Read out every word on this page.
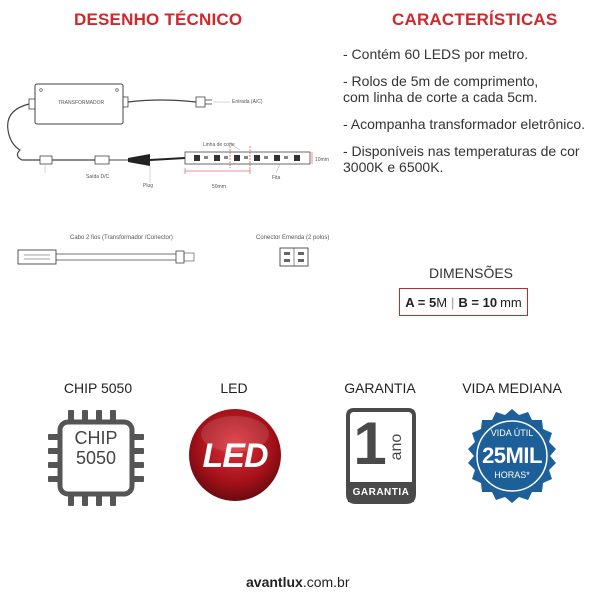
DESENHO TÉCNICO	CARACTERÍSTICAS
- Contém 60 LEDS por metro.
- Rolos de 5m de comprimento,
com linha de corte a cada 5cm.
- Acompanha transformador eletrônico.
- Disponíveis nas temperaturas de cor
3000K e 6500K.
TRANSFORMADOR	Entrada (A/C)
Saída D/C
Plug
Linha de corte
50mm
10mm
Fita
Cabo 2 fios (Transformador /Conector)	Conector Emenda (2 polos)
DIMENSÕES
A = 5 M | B = 10 mm
CHIP 5050	LED	GARANTIA	VIDA MEDIANA
CHIP
5050	LED 1 ano
GARANTIA
VIDA ÚTIL
25MIL
HORAS*
avantlux.com.br
